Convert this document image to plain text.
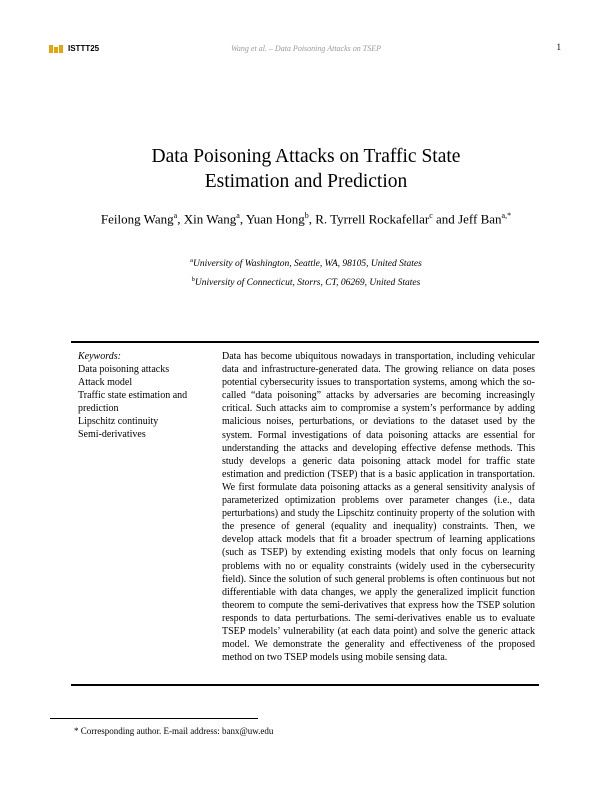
ISTTT25	Wang et al. – Data Poisoning Attacks on TSEP	1
Data Poisoning Attacks on Traffic State
Estimation and Prediction
Feilong Wang$^a$, Xin Wang$^a$, Yuan Hong$^b$, R. Tyrrell Rockafellar$^c$ and Jeff Ban$^{a,*}$
$^a$University of Washington, Seattle, WA, 98105, United States
$^b$University of Connecticut, Storrs, CT, 06269, United States
Keywords:
Data poisoning attacks
Attack model
Traffic state estimation and prediction
Lipschitz continuity
Semi-derivatives
Data has become ubiquitous nowadays in transportation, including vehicular data and infrastructure-generated data. The growing reliance on data poses potential cybersecurity issues to transportation systems, among which the so-called “data poisoning” attacks by adversaries are becoming increasingly critical. Such attacks aim to compromise a system’s performance by adding malicious noises, perturbations, or deviations to the dataset used by the system. Formal investigations of data poisoning attacks are essential for understanding the attacks and developing effective defense methods. This study develops a generic data poisoning attack model for traffic state estimation and prediction (TSEP) that is a basic application in transportation. We first formulate data poisoning attacks as a general sensitivity analysis of parameterized optimization problems over parameter changes (i.e., data perturbations) and study the Lipschitz continuity property of the solution with the presence of general (equality and inequality) constraints. Then, we develop attack models that fit a broader spectrum of learning applications (such as TSEP) by extending existing models that only focus on learning problems with no or equality constraints (widely used in the cybersecurity field). Since the solution of such general problems is often continuous but not differentiable with data changes, we apply the generalized implicit function theorem to compute the semi-derivatives that express how the TSEP solution responds to data perturbations. The semi-derivatives enable us to evaluate TSEP models’ vulnerability (at each data point) and solve the generic attack model. We demonstrate the generality and effectiveness of the proposed method on two TSEP models using mobile sensing data.
* Corresponding author. E-mail address: banx@uw.edu
